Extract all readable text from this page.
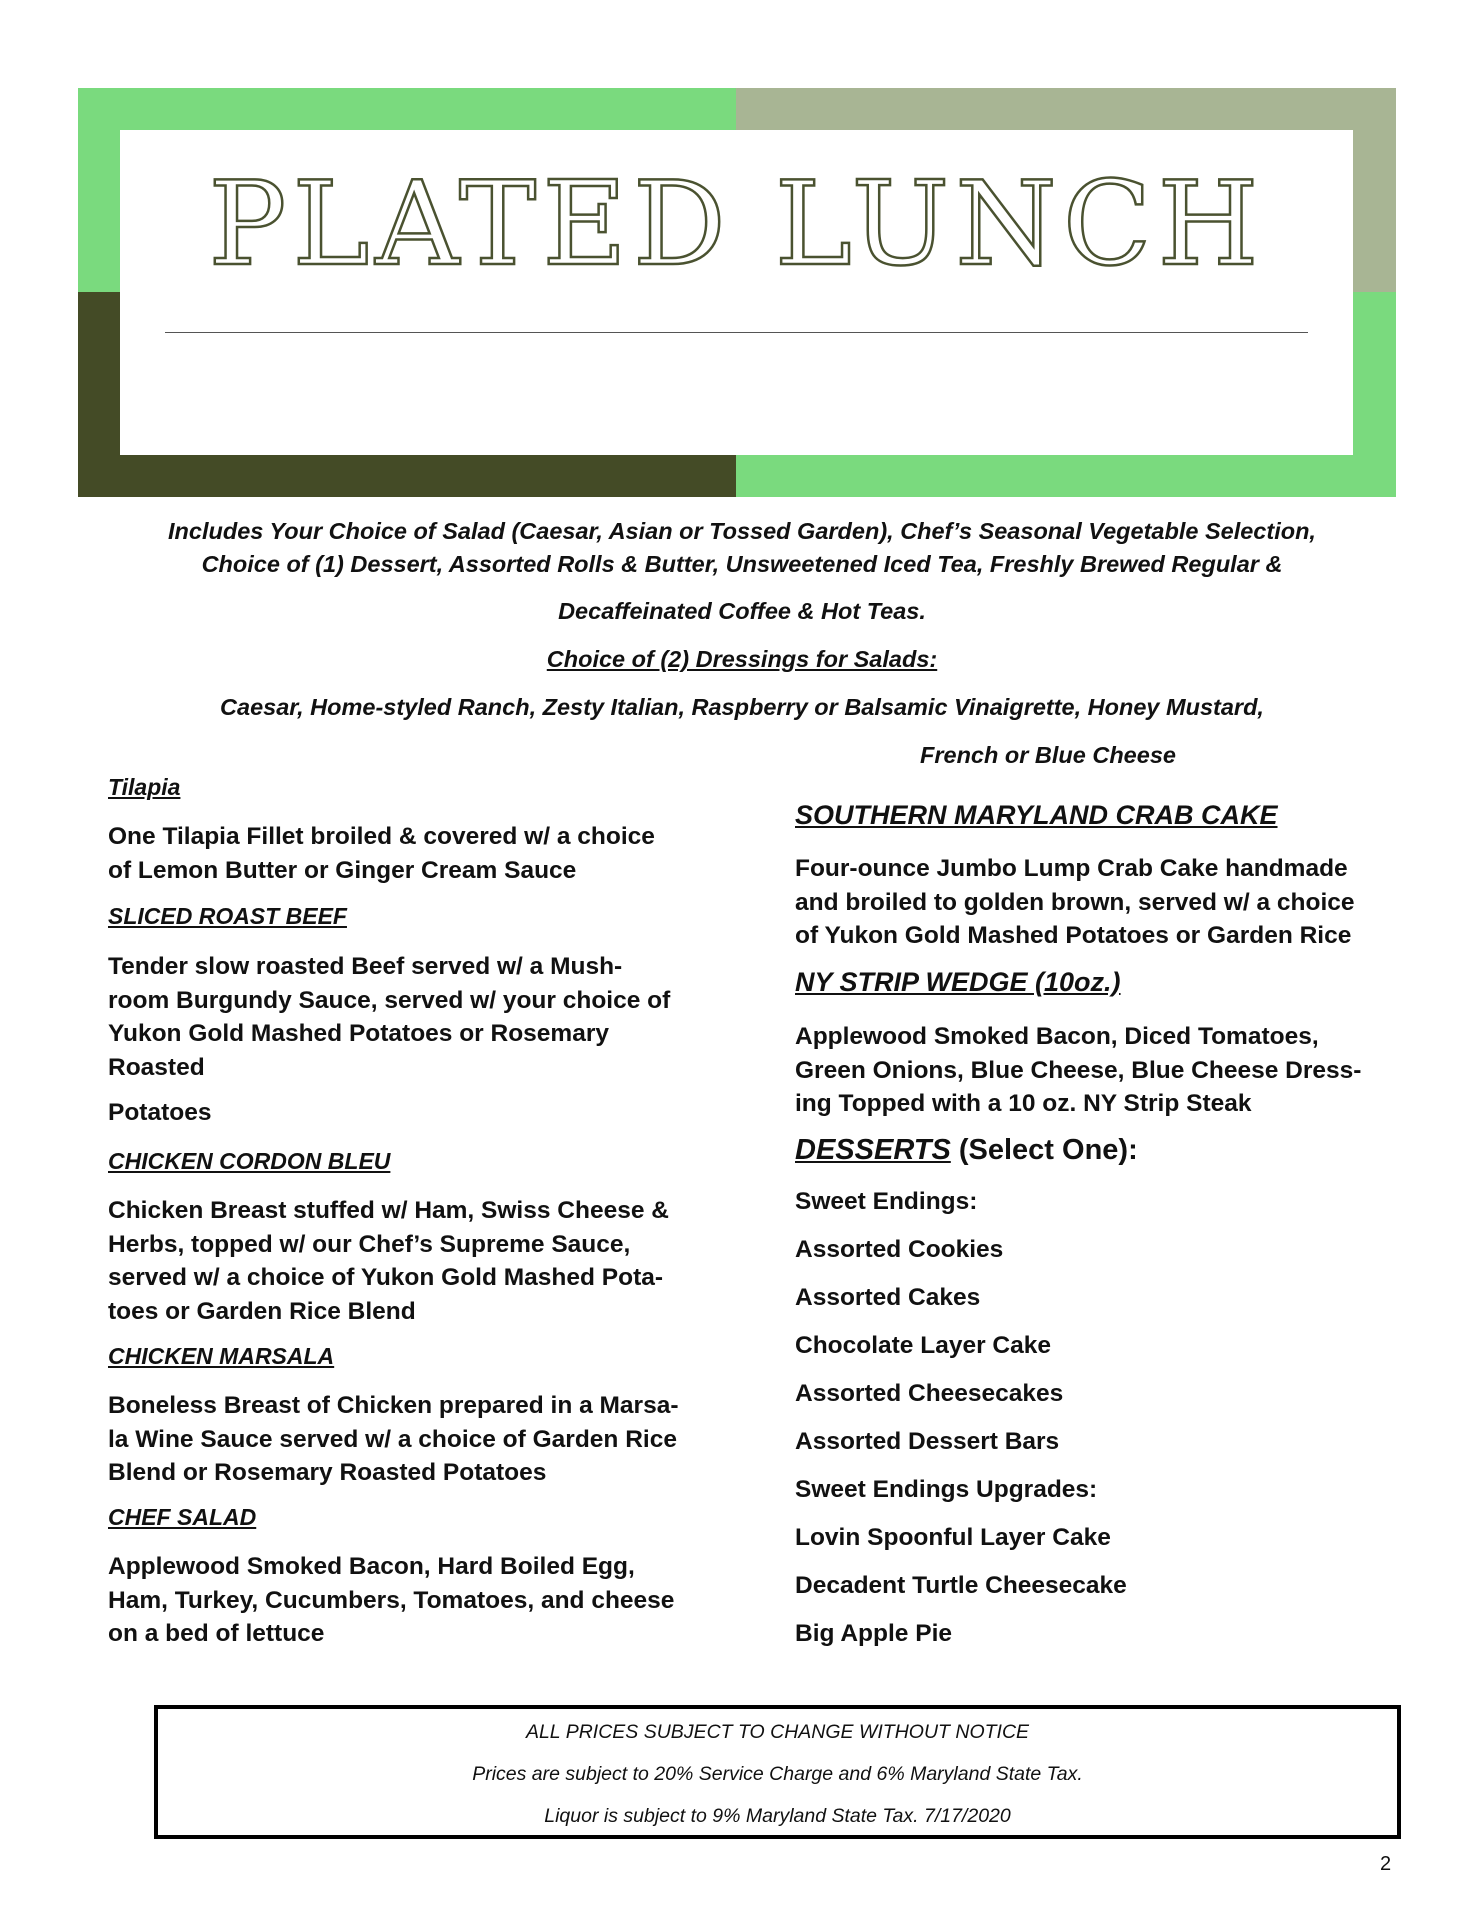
PLATED LUNCH
Includes Your Choice of Salad (Caesar, Asian or Tossed Garden), Chef’s Seasonal Vegetable Selection,
Choice of (1) Dessert, Assorted Rolls & Butter, Unsweetened Iced Tea, Freshly Brewed Regular &
Decaffeinated Coffee & Hot Teas.
Choice of (2) Dressings for Salads:
Caesar, Home-styled Ranch, Zesty Italian, Raspberry or Balsamic Vinaigrette, Honey Mustard,
French or Blue Cheese
Tilapia
One Tilapia Fillet broiled & covered w/ a choice
of Lemon Butter or Ginger Cream Sauce
SLICED ROAST BEEF
Tender slow roasted Beef served w/ a Mush-
room Burgundy Sauce, served w/ your choice of
Yukon Gold Mashed Potatoes or Rosemary
Roasted
Potatoes
CHICKEN CORDON BLEU
Chicken Breast stuffed w/ Ham, Swiss Cheese &
Herbs, topped w/ our Chef’s Supreme Sauce,
served w/ a choice of Yukon Gold Mashed Pota-
toes or Garden Rice Blend
CHICKEN MARSALA
Boneless Breast of Chicken prepared in a Marsa-
la Wine Sauce served w/ a choice of Garden Rice
Blend or Rosemary Roasted Potatoes
CHEF SALAD
Applewood Smoked Bacon, Hard Boiled Egg,
Ham, Turkey, Cucumbers, Tomatoes, and cheese
on a bed of lettuce
SOUTHERN MARYLAND CRAB CAKE
Four-ounce Jumbo Lump Crab Cake handmade
and broiled to golden brown, served w/ a choice
of Yukon Gold Mashed Potatoes or Garden Rice
NY STRIP WEDGE (10oz.)
Applewood Smoked Bacon, Diced Tomatoes,
Green Onions, Blue Cheese, Blue Cheese Dress-
ing Topped with a 10 oz. NY Strip Steak
DESSERTS (Select One):
Sweet Endings:
Assorted Cookies
Assorted Cakes
Chocolate Layer Cake
Assorted Cheesecakes
Assorted Dessert Bars
Sweet Endings Upgrades:
Lovin Spoonful Layer Cake
Decadent Turtle Cheesecake
Big Apple Pie
ALL PRICES SUBJECT TO CHANGE WITHOUT NOTICE
Prices are subject to 20% Service Charge and 6% Maryland State Tax.
Liquor is subject to 9% Maryland State Tax. 7/17/2020
2
